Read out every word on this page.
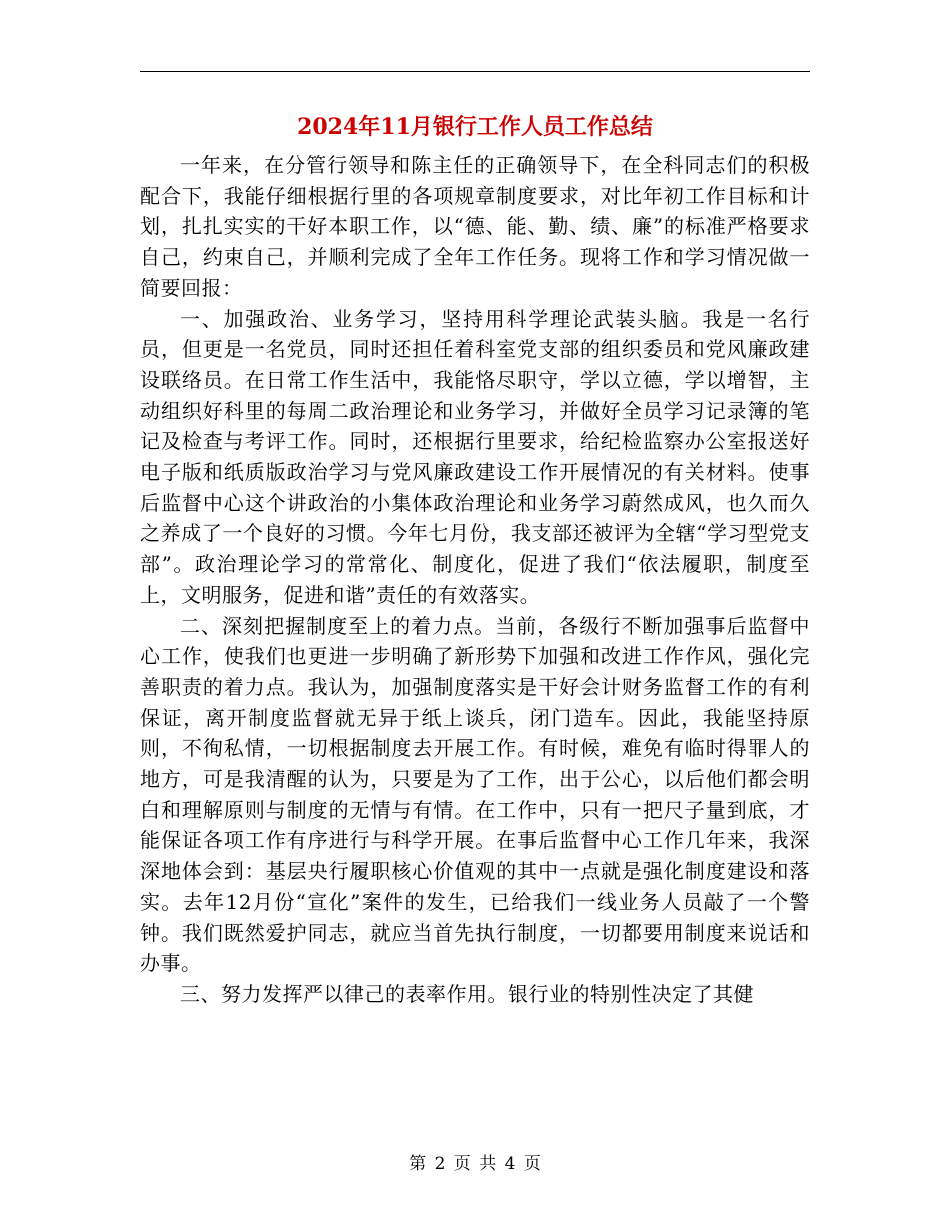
2024年11月银行工作人员工作总结

一年来，在分管行领导和陈主任的正确领导下，在全科同志们的积极配合下，我能仔细根据行里的各项规章制度要求，对比年初工作目标和计划，扎扎实实的干好本职工作，以“德、能、勤、绩、廉”的标准严格要求自己，约束自己，并顺利完成了全年工作任务。现将工作和学习情况做一简要回报：

一、加强政治、业务学习，坚持用科学理论武装头脑。我是一名行员，但更是一名党员，同时还担任着科室党支部的组织委员和党风廉政建设联络员。在日常工作生活中，我能恪尽职守，学以立德，学以增智，主动组织好科里的每周二政治理论和业务学习，并做好全员学习记录簿的笔记及检查与考评工作。同时，还根据行里要求，给纪检监察办公室报送好电子版和纸质版政治学习与党风廉政建设工作开展情况的有关材料。使事后监督中心这个讲政治的小集体政治理论和业务学习蔚然成风，也久而久之养成了一个良好的习惯。今年七月份，我支部还被评为全辖“学习型党支部”。政治理论学习的常常化、制度化，促进了我们“依法履职，制度至上，文明服务，促进和谐”责任的有效落实。

二、深刻把握制度至上的着力点。当前，各级行不断加强事后监督中心工作，使我们也更进一步明确了新形势下加强和改进工作作风，强化完善职责的着力点。我认为，加强制度落实是干好会计财务监督工作的有利保证，离开制度监督就无异于纸上谈兵，闭门造车。因此，我能坚持原则，不徇私情，一切根据制度去开展工作。有时候，难免有临时得罪人的地方，可是我清醒的认为，只要是为了工作，出于公心，以后他们都会明白和理解原则与制度的无情与有情。在工作中，只有一把尺子量到底，才能保证各项工作有序进行与科学开展。在事后监督中心工作几年来，我深深地体会到：基层央行履职核心价值观的其中一点就是强化制度建设和落实。去年12月份“宣化”案件的发生，已给我们一线业务人员敲了一个警钟。我们既然爱护同志，就应当首先执行制度，一切都要用制度来说话和办事。

三、努力发挥严以律己的表率作用。银行业的特别性决定了其健

第 2 页 共 4 页
